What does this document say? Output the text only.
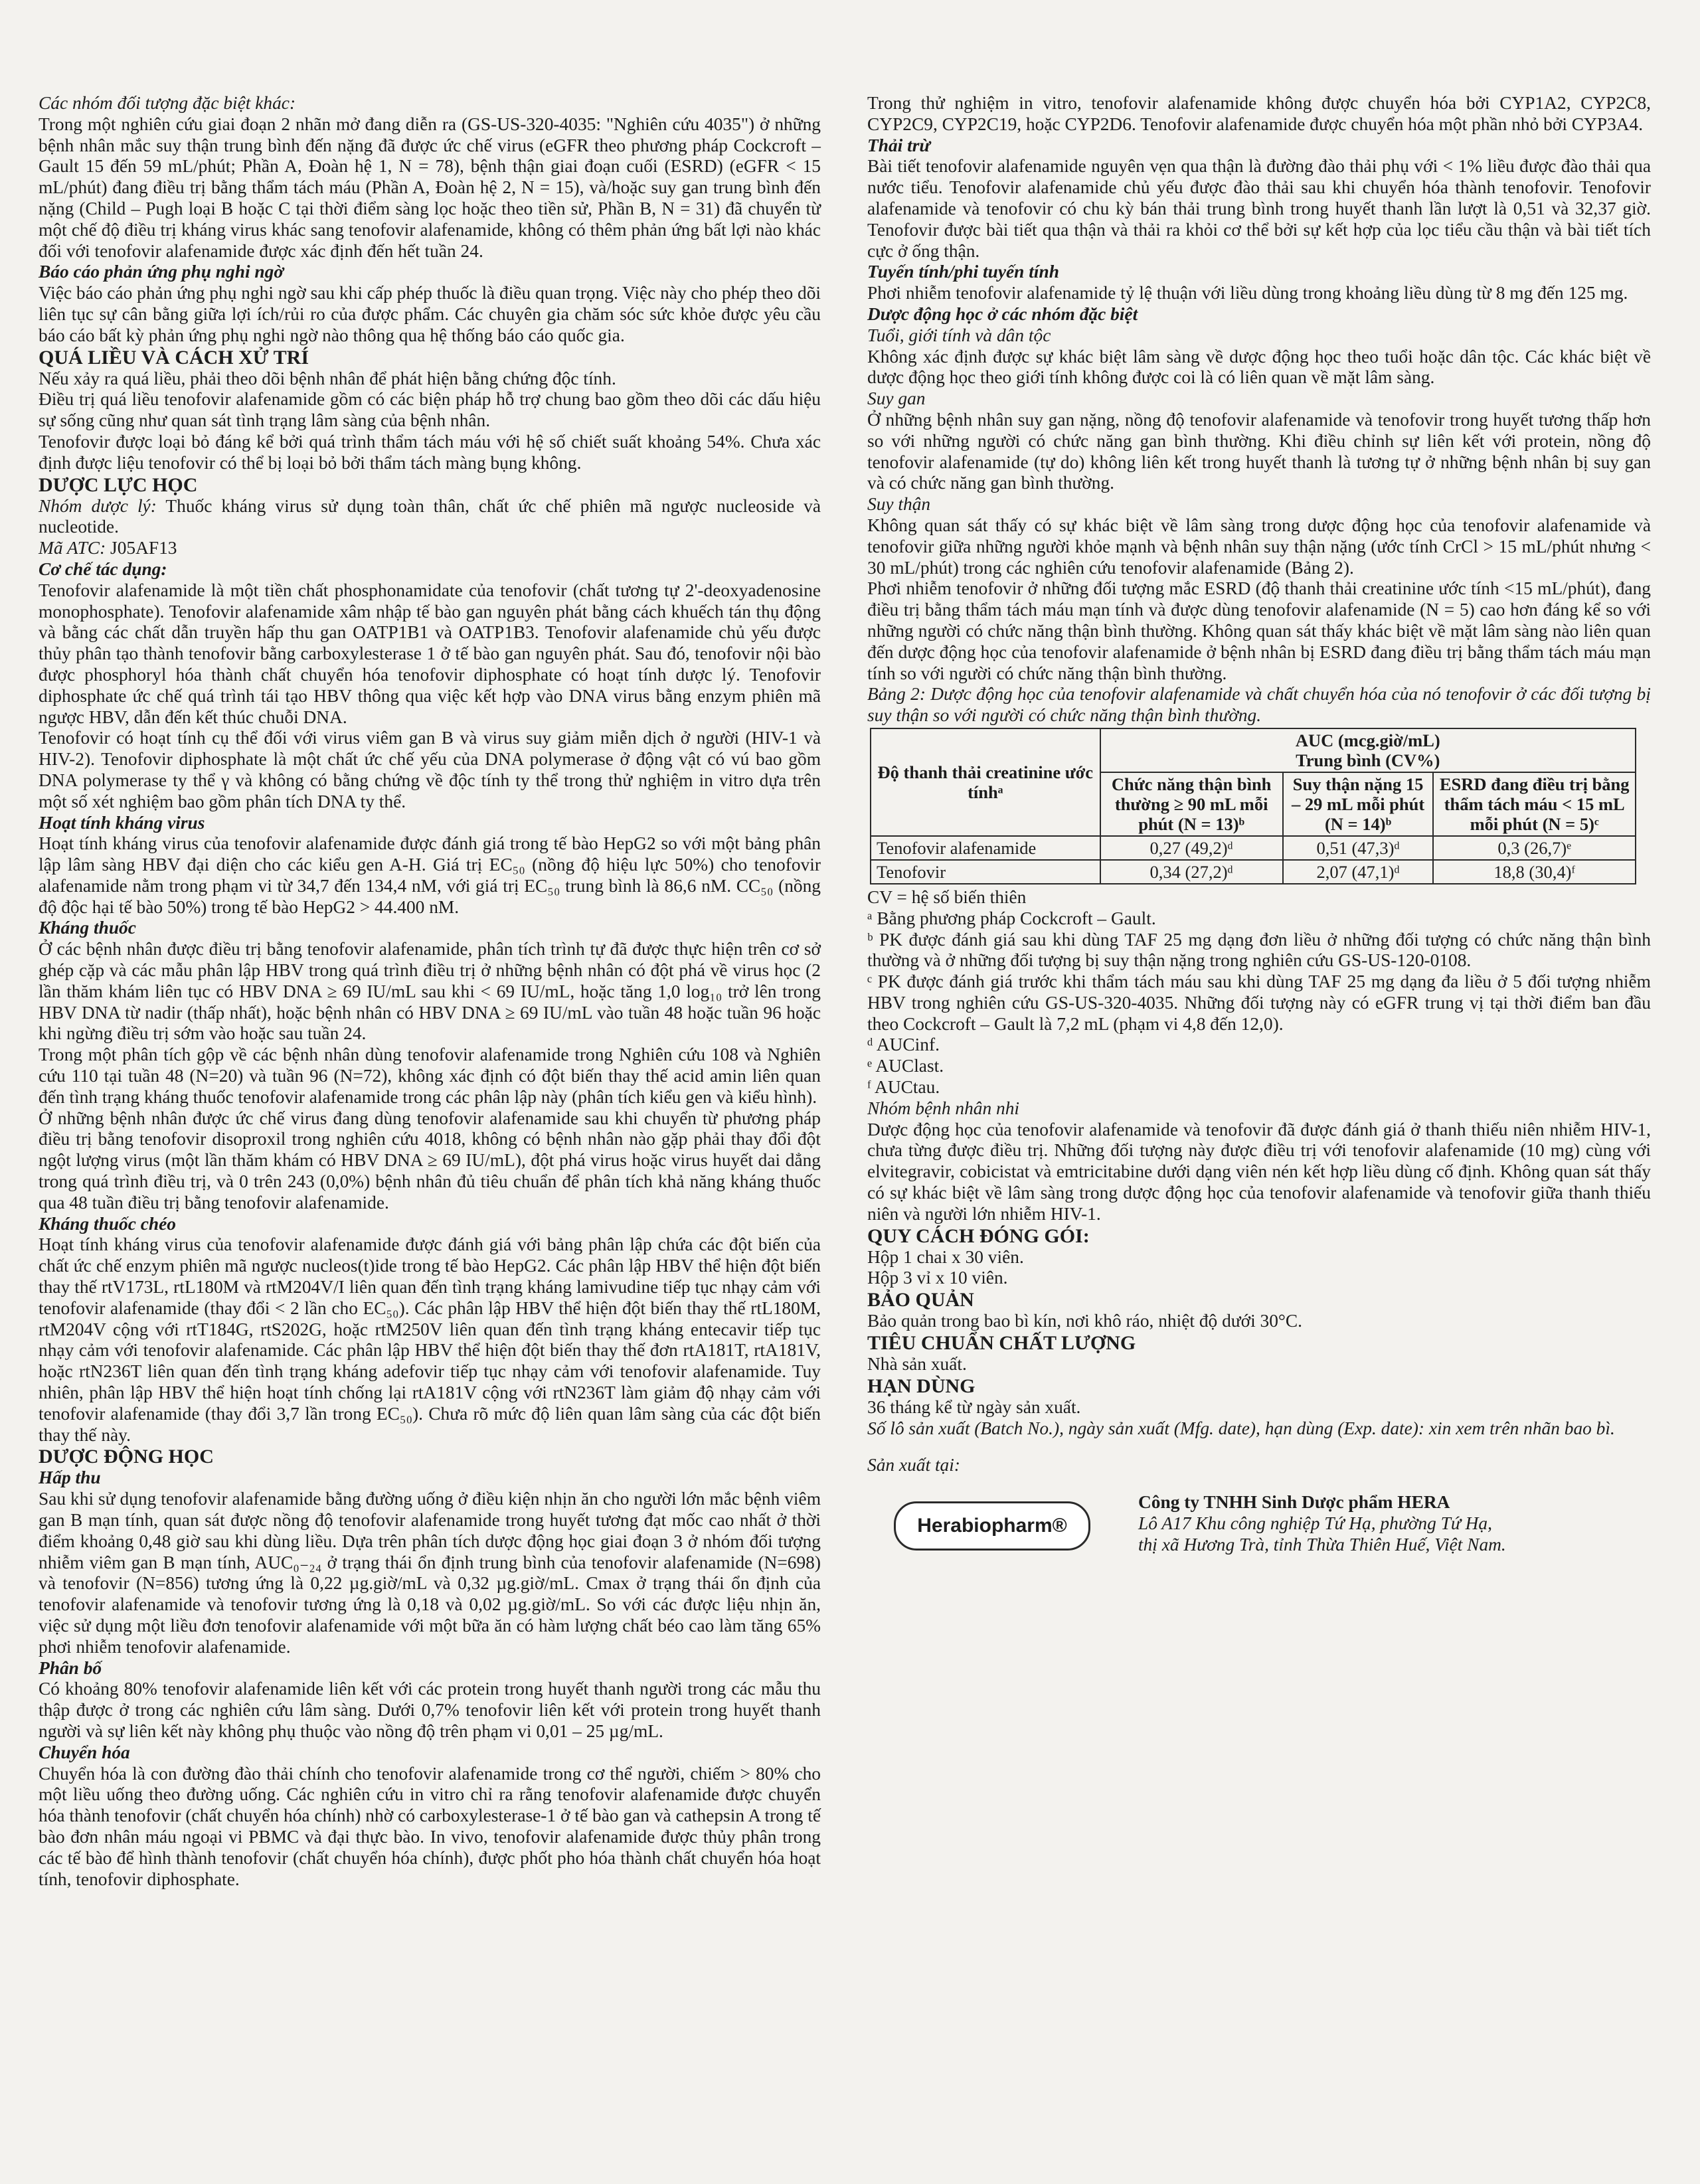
Các nhóm đối tượng đặc biệt khác:

Trong một nghiên cứu giai đoạn 2 nhãn mở đang diễn ra (GS-US-320-4035: "Nghiên cứu 4035") ở những bệnh nhân mắc suy thận trung bình đến nặng đã được ức chế virus (eGFR theo phương pháp Cockcroft – Gault 15 đến 59 mL/phút; Phần A, Đoàn hệ 1, N = 78), bệnh thận giai đoạn cuối (ESRD) (eGFR < 15 mL/phút) đang điều trị bằng thẩm tách máu (Phần A, Đoàn hệ 2, N = 15), và/hoặc suy gan trung bình đến nặng (Child – Pugh loại B hoặc C tại thời điểm sàng lọc hoặc theo tiền sử, Phần B, N = 31) đã chuyển từ một chế độ điều trị kháng virus khác sang tenofovir alafenamide, không có thêm phản ứng bất lợi nào khác đối với tenofovir alafenamide được xác định đến hết tuần 24.

Báo cáo phản ứng phụ nghi ngờ

Việc báo cáo phản ứng phụ nghi ngờ sau khi cấp phép thuốc là điều quan trọng. Việc này cho phép theo dõi liên tục sự cân bằng giữa lợi ích/rủi ro của được phẩm. Các chuyên gia chăm sóc sức khỏe được yêu cầu báo cáo bất kỳ phản ứng phụ nghi ngờ nào thông qua hệ thống báo cáo quốc gia.

QUÁ LIỀU VÀ CÁCH XỬ TRÍ

Nếu xảy ra quá liều, phải theo dõi bệnh nhân để phát hiện bằng chứng độc tính.

Điều trị quá liều tenofovir alafenamide gồm có các biện pháp hỗ trợ chung bao gồm theo dõi các dấu hiệu sự sống cũng như quan sát tình trạng lâm sàng của bệnh nhân.

Tenofovir được loại bỏ đáng kể bởi quá trình thẩm tách máu với hệ số chiết suất khoảng 54%. Chưa xác định được liệu tenofovir có thể bị loại bỏ bởi thẩm tách màng bụng không.

DƯỢC LỰC HỌC

Nhóm dược lý: Thuốc kháng virus sử dụng toàn thân, chất ức chế phiên mã ngược nucleoside và nucleotide.

Mã ATC: J05AF13

Cơ chế tác dụng:

Tenofovir alafenamide là một tiền chất phosphonamidate của tenofovir (chất tương tự 2'-deoxyadenosine monophosphate). Tenofovir alafenamide xâm nhập tế bào gan nguyên phát bằng cách khuếch tán thụ động và bằng các chất dẫn truyền hấp thu gan OATP1B1 và OATP1B3. Tenofovir alafenamide chủ yếu được thủy phân tạo thành tenofovir bằng carboxylesterase 1 ở tế bào gan nguyên phát. Sau đó, tenofovir nội bào được phosphoryl hóa thành chất chuyển hóa tenofovir diphosphate có hoạt tính dược lý. Tenofovir diphosphate ức chế quá trình tái tạo HBV thông qua việc kết hợp vào DNA virus bằng enzym phiên mã ngược HBV, dẫn đến kết thúc chuỗi DNA.

Tenofovir có hoạt tính cụ thể đối với virus viêm gan B và virus suy giảm miễn dịch ở người (HIV-1 và HIV-2). Tenofovir diphosphate là một chất ức chế yếu của DNA polymerase ở động vật có vú bao gồm DNA polymerase ty thể γ và không có bằng chứng về độc tính ty thể trong thử nghiệm in vitro dựa trên một số xét nghiệm bao gồm phân tích DNA ty thể.

Hoạt tính kháng virus

Hoạt tính kháng virus của tenofovir alafenamide được đánh giá trong tế bào HepG2 so với một bảng phân lập lâm sàng HBV đại diện cho các kiểu gen A-H. Giá trị EC₅₀ (nồng độ hiệu lực 50%) cho tenofovir alafenamide nằm trong phạm vi từ 34,7 đến 134,4 nM, với giá trị EC₅₀ trung bình là 86,6 nM. CC₅₀ (nồng độ độc hại tế bào 50%) trong tế bào HepG2 > 44.400 nM.

Kháng thuốc

Ở các bệnh nhân được điều trị bằng tenofovir alafenamide, phân tích trình tự đã được thực hiện trên cơ sở ghép cặp và các mẫu phân lập HBV trong quá trình điều trị ở những bệnh nhân có đột phá về virus học (2 lần thăm khám liên tục có HBV DNA ≥ 69 IU/mL sau khi < 69 IU/mL, hoặc tăng 1,0 log₁₀ trở lên trong HBV DNA từ nadir (thấp nhất), hoặc bệnh nhân có HBV DNA ≥ 69 IU/mL vào tuần 48 hoặc tuần 96 hoặc khi ngừng điều trị sớm vào hoặc sau tuần 24.

Trong một phân tích gộp về các bệnh nhân dùng tenofovir alafenamide trong Nghiên cứu 108 và Nghiên cứu 110 tại tuần 48 (N=20) và tuần 96 (N=72), không xác định có đột biến thay thế acid amin liên quan đến tình trạng kháng thuốc tenofovir alafenamide trong các phân lập này (phân tích kiểu gen và kiểu hình).

Ở những bệnh nhân được ức chế virus đang dùng tenofovir alafenamide sau khi chuyển từ phương pháp điều trị bằng tenofovir disoproxil trong nghiên cứu 4018, không có bệnh nhân nào gặp phải thay đổi đột ngột lượng virus (một lần thăm khám có HBV DNA ≥ 69 IU/mL), đột phá virus hoặc virus huyết dai dẳng trong quá trình điều trị, và 0 trên 243 (0,0%) bệnh nhân đủ tiêu chuẩn để phân tích khả năng kháng thuốc qua 48 tuần điều trị bằng tenofovir alafenamide.

Kháng thuốc chéo

Hoạt tính kháng virus của tenofovir alafenamide được đánh giá với bảng phân lập chứa các đột biến của chất ức chế enzym phiên mã ngược nucleos(t)ide trong tế bào HepG2. Các phân lập HBV thể hiện đột biến thay thế rtV173L, rtL180M và rtM204V/I liên quan đến tình trạng kháng lamivudine tiếp tục nhạy cảm với tenofovir alafenamide (thay đổi < 2 lần cho EC₅₀). Các phân lập HBV thể hiện đột biến thay thế rtL180M, rtM204V cộng với rtT184G, rtS202G, hoặc rtM250V liên quan đến tình trạng kháng entecavir tiếp tục nhạy cảm với tenofovir alafenamide. Các phân lập HBV thể hiện đột biến thay thế đơn rtA181T, rtA181V, hoặc rtN236T liên quan đến tình trạng kháng adefovir tiếp tục nhạy cảm với tenofovir alafenamide. Tuy nhiên, phân lập HBV thể hiện hoạt tính chống lại rtA181V cộng với rtN236T làm giảm độ nhạy cảm với tenofovir alafenamide (thay đổi 3,7 lần trong EC₅₀). Chưa rõ mức độ liên quan lâm sàng của các đột biến thay thế này.

DƯỢC ĐỘNG HỌC

Hấp thu

Sau khi sử dụng tenofovir alafenamide bằng đường uống ở điều kiện nhịn ăn cho người lớn mắc bệnh viêm gan B mạn tính, quan sát được nồng độ tenofovir alafenamide trong huyết tương đạt mốc cao nhất ở thời điểm khoảng 0,48 giờ sau khi dùng liều. Dựa trên phân tích dược động học giai đoạn 3 ở nhóm đối tượng nhiễm viêm gan B mạn tính, AUC₀₋₂₄ ở trạng thái ổn định trung bình của tenofovir alafenamide (N=698) và tenofovir (N=856) tương ứng là 0,22 µg.giờ/mL và 0,32 µg.giờ/mL. Cmax ở trạng thái ổn định của tenofovir alafenamide và tenofovir tương ứng là 0,18 và 0,02 µg.giờ/mL. So với các được liệu nhịn ăn, việc sử dụng một liều đơn tenofovir alafenamide với một bữa ăn có hàm lượng chất béo cao làm tăng 65% phơi nhiễm tenofovir alafenamide.

Phân bố

Có khoảng 80% tenofovir alafenamide liên kết với các protein trong huyết thanh người trong các mẫu thu thập được ở trong các nghiên cứu lâm sàng. Dưới 0,7% tenofovir liên kết với protein trong huyết thanh người và sự liên kết này không phụ thuộc vào nồng độ trên phạm vi 0,01 – 25 µg/mL.

Chuyển hóa

Chuyển hóa là con đường đào thải chính cho tenofovir alafenamide trong cơ thể người, chiếm > 80% cho một liều uống theo đường uống. Các nghiên cứu in vitro chỉ ra rằng tenofovir alafenamide được chuyển hóa thành tenofovir (chất chuyển hóa chính) nhờ có carboxylesterase-1 ở tế bào gan và cathepsin A trong tế bào đơn nhân máu ngoại vi PBMC và đại thực bào. In vivo, tenofovir alafenamide được thủy phân trong các tế bào để hình thành tenofovir (chất chuyển hóa chính), được phốt pho hóa thành chất chuyển hóa hoạt tính, tenofovir diphosphate.

Trong thử nghiệm in vitro, tenofovir alafenamide không được chuyển hóa bởi CYP1A2, CYP2C8, CYP2C9, CYP2C19, hoặc CYP2D6. Tenofovir alafenamide được chuyển hóa một phần nhỏ bởi CYP3A4.

Thải trừ

Bài tiết tenofovir alafenamide nguyên vẹn qua thận là đường đào thải phụ với < 1% liều được đào thải qua nước tiểu. Tenofovir alafenamide chủ yếu được đào thải sau khi chuyển hóa thành tenofovir. Tenofovir alafenamide và tenofovir có chu kỳ bán thải trung bình trong huyết thanh lần lượt là 0,51 và 32,37 giờ. Tenofovir được bài tiết qua thận và thải ra khỏi cơ thể bởi sự kết hợp của lọc tiểu cầu thận và bài tiết tích cực ở ống thận.

Tuyến tính/phi tuyến tính

Phơi nhiễm tenofovir alafenamide tỷ lệ thuận với liều dùng trong khoảng liều dùng từ 8 mg đến 125 mg.

Dược động học ở các nhóm đặc biệt

Tuổi, giới tính và dân tộc

Không xác định được sự khác biệt lâm sàng về dược động học theo tuổi hoặc dân tộc. Các khác biệt về dược động học theo giới tính không được coi là có liên quan về mặt lâm sàng.

Suy gan

Ở những bệnh nhân suy gan nặng, nồng độ tenofovir alafenamide và tenofovir trong huyết tương thấp hơn so với những người có chức năng gan bình thường. Khi điều chỉnh sự liên kết với protein, nồng độ tenofovir alafenamide (tự do) không liên kết trong huyết thanh là tương tự ở những bệnh nhân bị suy gan và có chức năng gan bình thường.

Suy thận

Không quan sát thấy có sự khác biệt về lâm sàng trong dược động học của tenofovir alafenamide và tenofovir giữa những người khỏe mạnh và bệnh nhân suy thận nặng (ước tính CrCl > 15 mL/phút nhưng < 30 mL/phút) trong các nghiên cứu tenofovir alafenamide (Bảng 2).

Phơi nhiễm tenofovir ở những đối tượng mắc ESRD (độ thanh thải creatinine ước tính <15 mL/phút), đang điều trị bằng thẩm tách máu mạn tính và được dùng tenofovir alafenamide (N = 5) cao hơn đáng kể so với những người có chức năng thận bình thường. Không quan sát thấy khác biệt về mặt lâm sàng nào liên quan đến dược động học của tenofovir alafenamide ở bệnh nhân bị ESRD đang điều trị bằng thẩm tách máu mạn tính so với người có chức năng thận bình thường.

Bảng 2: Dược động học của tenofovir alafenamide và chất chuyển hóa của nó tenofovir ở các đối tượng bị suy thận so với người có chức năng thận bình thường.

Độ thanh thải creatinine ước tínhᵃ	AUC (mcg.giờ/mL)
Trung bình (CV%)		

	Chức năng thận bình thường ≥ 90 mL mỗi phút (N = 13)ᵇ	Suy thận nặng 15 – 29 mL mỗi phút (N = 14)ᵇ	ESRD đang điều trị bằng thẩm tách máu < 15 mL mỗi phút (N = 5)ᶜ
Tenofovir alafenamide	0,27 (49,2)ᵈ	0,51 (47,3)ᵈ	0,3 (26,7)ᵉ
Tenofovir	0,34 (27,2)ᵈ	2,07 (47,1)ᵈ	18,8 (30,4)ᶠ

CV = hệ số biến thiên

ᵃ Bằng phương pháp Cockcroft – Gault.

ᵇ PK được đánh giá sau khi dùng TAF 25 mg dạng đơn liều ở những đối tượng có chức năng thận bình thường và ở những đối tượng bị suy thận nặng trong nghiên cứu GS-US-120-0108.

ᶜ PK được đánh giá trước khi thẩm tách máu sau khi dùng TAF 25 mg dạng đa liều ở 5 đối tượng nhiễm HBV trong nghiên cứu GS-US-320-4035. Những đối tượng này có eGFR trung vị tại thời điểm ban đầu theo Cockcroft – Gault là 7,2 mL (phạm vi 4,8 đến 12,0).

ᵈ AUCinf.

ᵉ AUClast.

ᶠ AUCtau.

Nhóm bệnh nhân nhi

Dược động học của tenofovir alafenamide và tenofovir đã được đánh giá ở thanh thiếu niên nhiễm HIV-1, chưa từng được điều trị. Những đối tượng này được điều trị với tenofovir alafenamide (10 mg) cùng với elvitegravir, cobicistat và emtricitabine dưới dạng viên nén kết hợp liều dùng cố định. Không quan sát thấy có sự khác biệt về lâm sàng trong dược động học của tenofovir alafenamide và tenofovir giữa thanh thiếu niên và người lớn nhiễm HIV-1.

QUY CÁCH ĐÓNG GÓI:

Hộp 1 chai x 30 viên.

Hộp 3 vỉ x 10 viên.

BẢO QUẢN

Bảo quản trong bao bì kín, nơi khô ráo, nhiệt độ dưới 30°C.

TIÊU CHUẨN CHẤT LƯỢNG

Nhà sản xuất.

HẠN DÙNG

36 tháng kể từ ngày sản xuất.

Số lô sản xuất (Batch No.), ngày sản xuất (Mfg. date), hạn dùng (Exp. date): xin xem trên nhãn bao bì.

Sản xuất tại:

Herabiopharm®
Công ty TNHH Sinh Dược phẩm HERA
Lô A17 Khu công nghiệp Tứ Hạ, phường Tứ Hạ,
thị xã Hương Trà, tỉnh Thừa Thiên Huế, Việt Nam.
